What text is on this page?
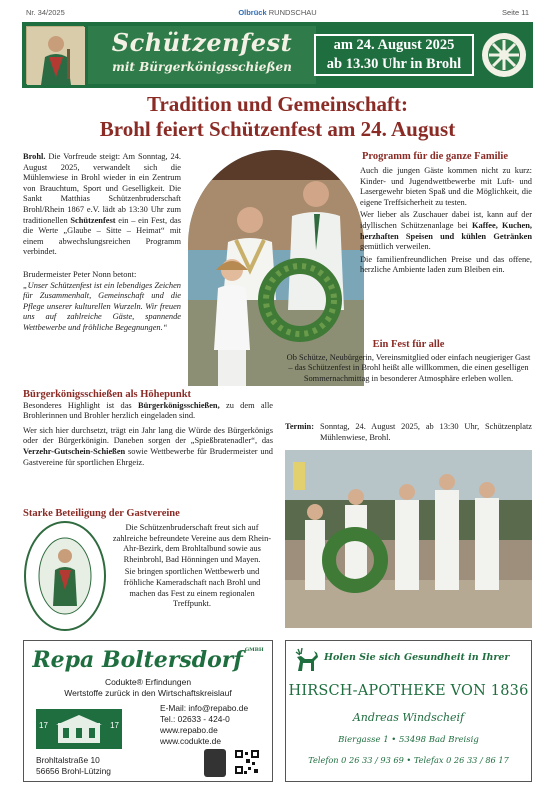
Nr. 34/2025	Olbrück RUNDSCHAU	Seite 11
Schützenfest
mit Bürgerkönigsschießen
am 24. August 2025
ab 13.30 Uhr in Brohl
Tradition und Gemeinschaft:
Brohl feiert Schützenfest am 24. August

Brohl. Die Vorfreude steigt: Am Sonntag, 24. August 2025, verwandelt sich die Mühlenwiese in Brohl wieder in ein Zentrum von Brauchtum, Sport und Geselligkeit. Die Sankt Matthias Schützenbruderschaft Brohl/Rhein 1867 e.V. lädt ab 13:30 Uhr zum traditionellen Schützenfest ein – ein Fest, das die Werte „Glaube – Sitte – Heimat“ mit einem abwechslungsreichen Programm verbindet.

Brudermeister Peter Nonn betont:
„Unser Schützenfest ist ein lebendiges Zeichen für Zusammenhalt, Gemeinschaft und die Pflege unserer kulturellen Wurzeln. Wir freuen uns auf zahlreiche Gäste, spannende Wettbewerbe und fröhliche Begegnungen.“

Programm für die ganze Familie

Auch die jungen Gäste kommen nicht zu kurz: Kinder- und Jugendwettbewerbe mit Luft- und Lasergewehr bieten Spaß und die Möglichkeit, die eigene Treffsicherheit zu testen.

Wer lieber als Zuschauer dabei ist, kann auf der idyllischen Schützenanlage bei Kaffee, Kuchen, herzhaften Speisen und kühlen Getränken gemütlich verweilen.

Die familienfreundlichen Preise und das offene, herzliche Ambiente laden zum Bleiben ein.

Ein Fest für alle

Ob Schütze, Neubürgerin, Vereinsmitglied oder einfach neugieriger Gast – das Schützenfest in Brohl heißt alle willkommen, die einen geselligen Sommernachmittag in besonderer Atmosphäre erleben wollen.

Termin:	Sonntag, 24. August 2025, ab 13:30 Uhr, Schützenplatz Mühlenwiese, Brohl.
Bürgerkönigsschießen als Höhepunkt

Besonderes Highlight ist das Bürgerkönigsschießen, zu dem alle Brohlerinnen und Brohler herzlich eingeladen sind.

Wer sich hier durchsetzt, trägt ein Jahr lang die Würde des Bürgerkönigs oder der Bürgerkönigin. Daneben sorgen der „Spießbratenadler“, das Verzehr-Gutschein-Schießen sowie Wettbewerbe für Brudermeister und Gastvereine für sportlichen Ehrgeiz.

Starke Beteiligung der Gastvereine

Die Schützenbruderschaft freut sich auf zahlreiche befreundete Vereine aus dem Rhein-Ahr-Bezirk, dem Brohltalbund sowie aus Rheinbrohl, Bad Hönningen und Mayen.

Sie bringen sportlichen Wettbewerb und fröhliche Kameradschaft nach Brohl und machen das Fest zu einem regionalen Treffpunkt.

Repa Boltersdorf $^{GMBH}$
Codukte® Erfindungen
Wertstoffe zurück in den Wirtschaftskreislauf
17	17
E-Mail: info@repabo.de
Tel.: 02633 - 424-0
www.repabo.de
www.codukte.de
Brohltalstraße 10
56656 Brohl-Lützing
Holen Sie sich Gesundheit in Ihrer
HIRSCH-APOTHEKE VON 1836
Andreas Windscheif
Biergasse 1 • 53498 Bad Breisig
Telefon 0 26 33 / 93 69 • Telefax 0 26 33 / 86 17
